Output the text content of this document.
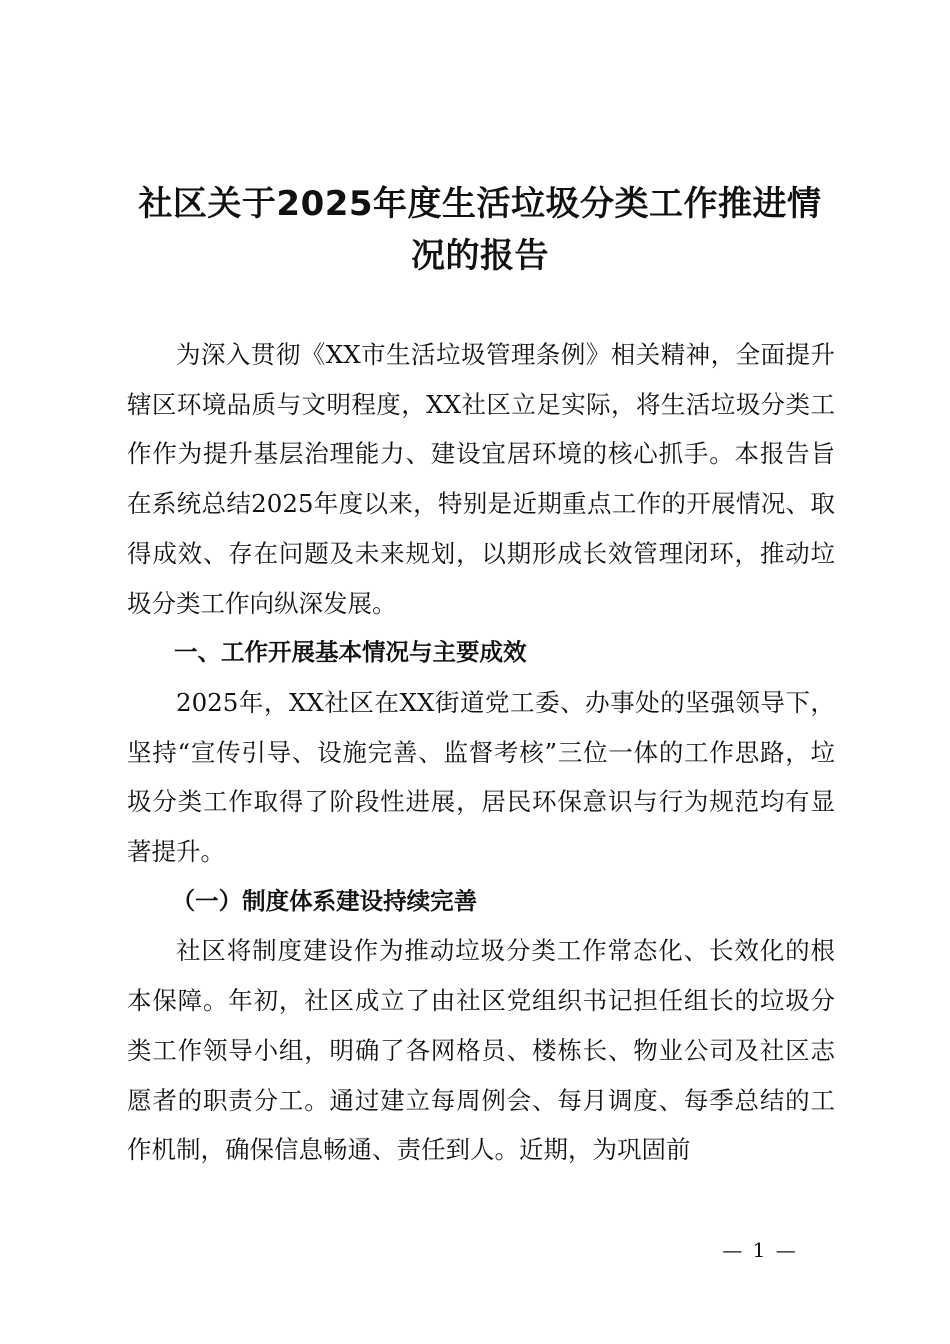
社区关于2025年度生活垃圾分类工作推进情
况的报告

为深入贯彻《XX市生活垃圾管理条例》相关精神，全面提升辖区环境品质与文明程度，XX社区立足实际，将生活垃圾分类工作作为提升基层治理能力、建设宜居环境的核心抓手。本报告旨在系统总结2025年度以来，特别是近期重点工作的开展情况、取得成效、存在问题及未来规划，以期形成长效管理闭环，推动垃圾分类工作向纵深发展。

一、工作开展基本情况与主要成效

2025年，XX社区在XX街道党工委、办事处的坚强领导下，坚持“宣传引导、设施完善、监督考核”三位一体的工作思路，垃圾分类工作取得了阶段性进展，居民环保意识与行为规范均有显著提升。

（一）制度体系建设持续完善

社区将制度建设作为推动垃圾分类工作常态化、长效化的根本保障。年初，社区成立了由社区党组织书记担任组长的垃圾分类工作领导小组，明确了各网格员、楼栋长、物业公司及社区志愿者的职责分工。通过建立每周例会、每月调度、每季总结的工作机制，确保信息畅通、责任到人。近期，为巩固前

— 1 —
